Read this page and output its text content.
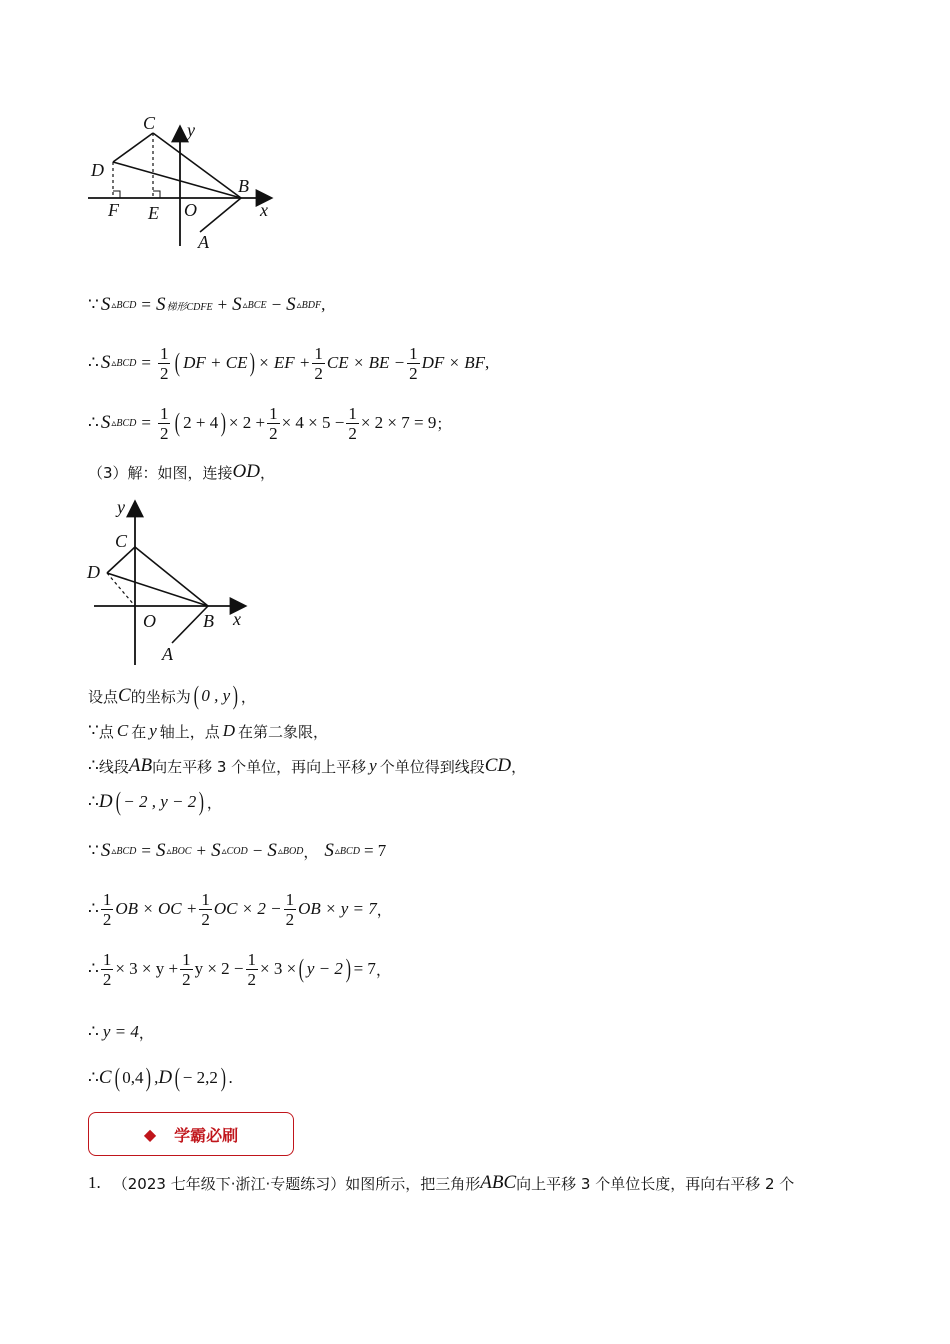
C y
D
B
x
F E O
A
∵ S ▵BCD = S 梯形CDFE + S ▵BCE − S ▵BDF ,
∴ S ▵BCD = $\frac{1}{2}$ ( DF + CE ) × EF + $\frac{1}{2}$ CE × BE − $\frac{1}{2}$ DF × BF ,
∴ S ▵BCD = $\frac{1}{2}$ ( 2 + 4 ) × $2 + \frac{1}{2} \times 4 \times 5 - \frac{1}{2} \times 2 \times 7 = 9$ ；
（3）解：如图，连接 OD ，
y
C
D
O	B x
A
设点 C 的坐标为 ( 0 , y ) ，
∵ 点 C 在 y 轴上，点 D 在第二象限，
∴ 线段 AB 向左平移 3 个单位，再向上平移 y 个单位得到线段 CD ，
∴ D ( − 2 , y − 2 ) ，
∵ S ▵BCD = S ▵BOC + S ▵COD − S ▵BOD ， S ▵BCD = 7
∴ $\frac{1}{2}$ OB × OC + $\frac{1}{2}$ OC × $2 - \frac{1}{2}$ OB × y = 7 ，
∴ $\frac{1}{2} \times 3 \times y + \frac{1}{2}$ $y \times 2 - \frac{1}{2} \times 3$ × ( y − 2 ) = 7 ，
∴ y = 4 ，
∴ C ( 0,4 ) , D ( − 2,2 ) .
◆ 学霸必刷
1. （2023 七年级下·浙江·专题练习）如图所示，把三角形 ABC 向上平移 3 个单位长度，再向右平移 2 个
